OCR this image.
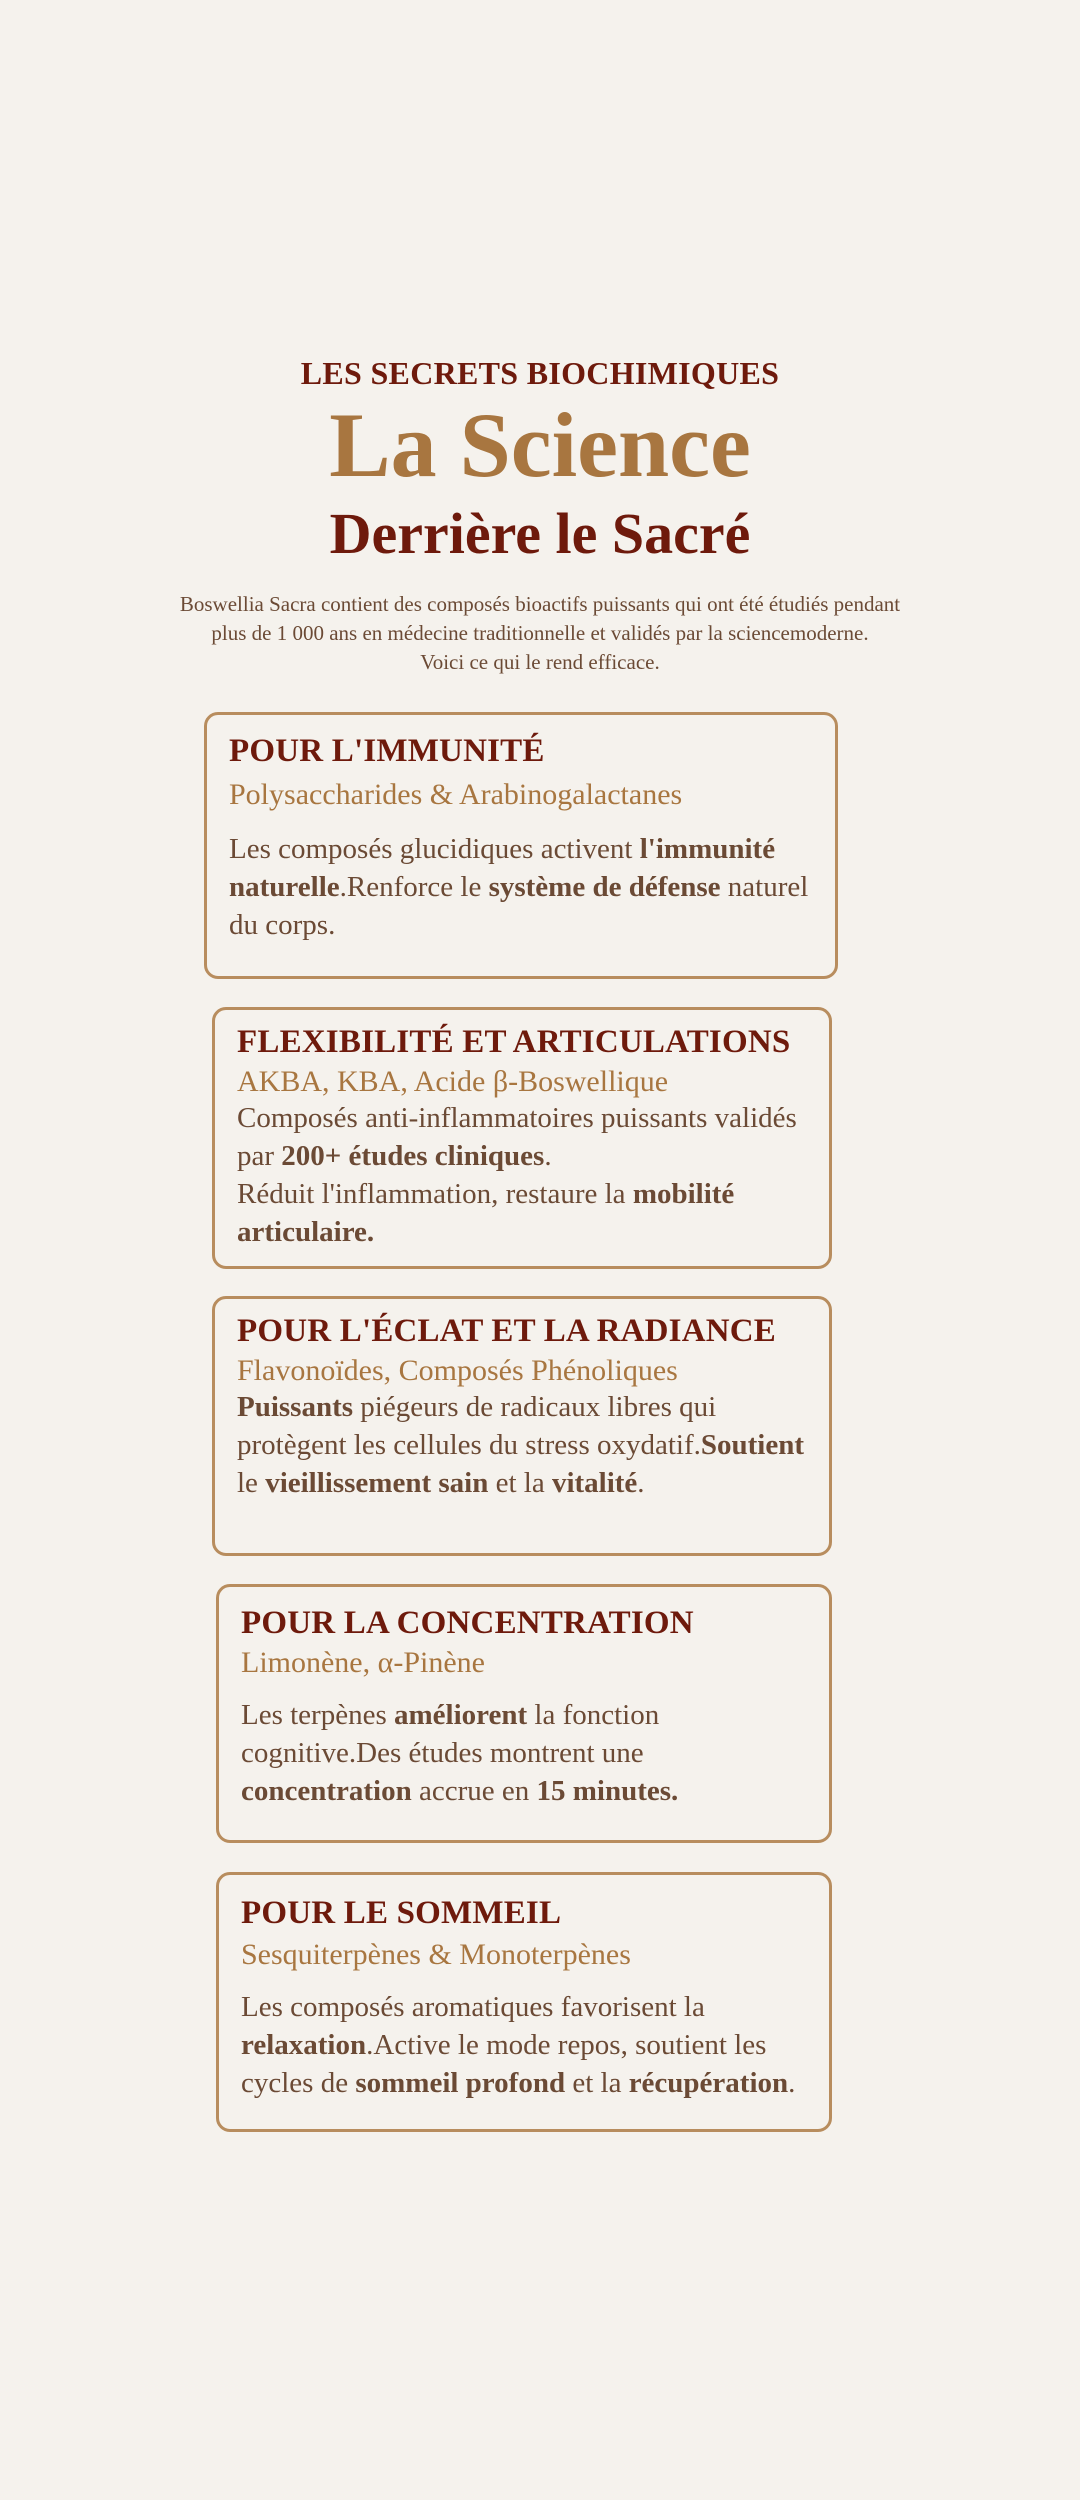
LES SECRETS BIOCHIMIQUES
La Science
Derrière le Sacré
Boswellia Sacra contient des composés bioactifs puissants qui ont été étudiés pendant
plus de 1 000 ans en médecine traditionnelle et validés par la sciencemoderne.
Voici ce qui le rend efficace.
POUR L'IMMUNITÉ
Polysaccharides & Arabinogalactanes
Les composés glucidiques activent l'immunité naturelle.Renforce le système de défense naturel du corps.
FLEXIBILITÉ ET ARTICULATIONS
AKBA, KBA, Acide β-Boswellique
Composés anti-inflammatoires puissants validés par 200+ études cliniques.
Réduit l'inflammation, restaure la mobilité articulaire.
POUR L'ÉCLAT ET LA RADIANCE
Flavonoïdes, Composés Phénoliques
Puissants piégeurs de radicaux libres qui protègent les cellules du stress oxydatif.Soutient le vieillissement sain et la vitalité.
POUR LA CONCENTRATION
Limonène, α-Pinène
Les terpènes améliorent la fonction cognitive.Des études montrent une concentration accrue en 15 minutes.
POUR LE SOMMEIL
Sesquiterpènes & Monoterpènes
Les composés aromatiques favorisent la relaxation.Active le mode repos, soutient les cycles de sommeil profond et la récupération.
